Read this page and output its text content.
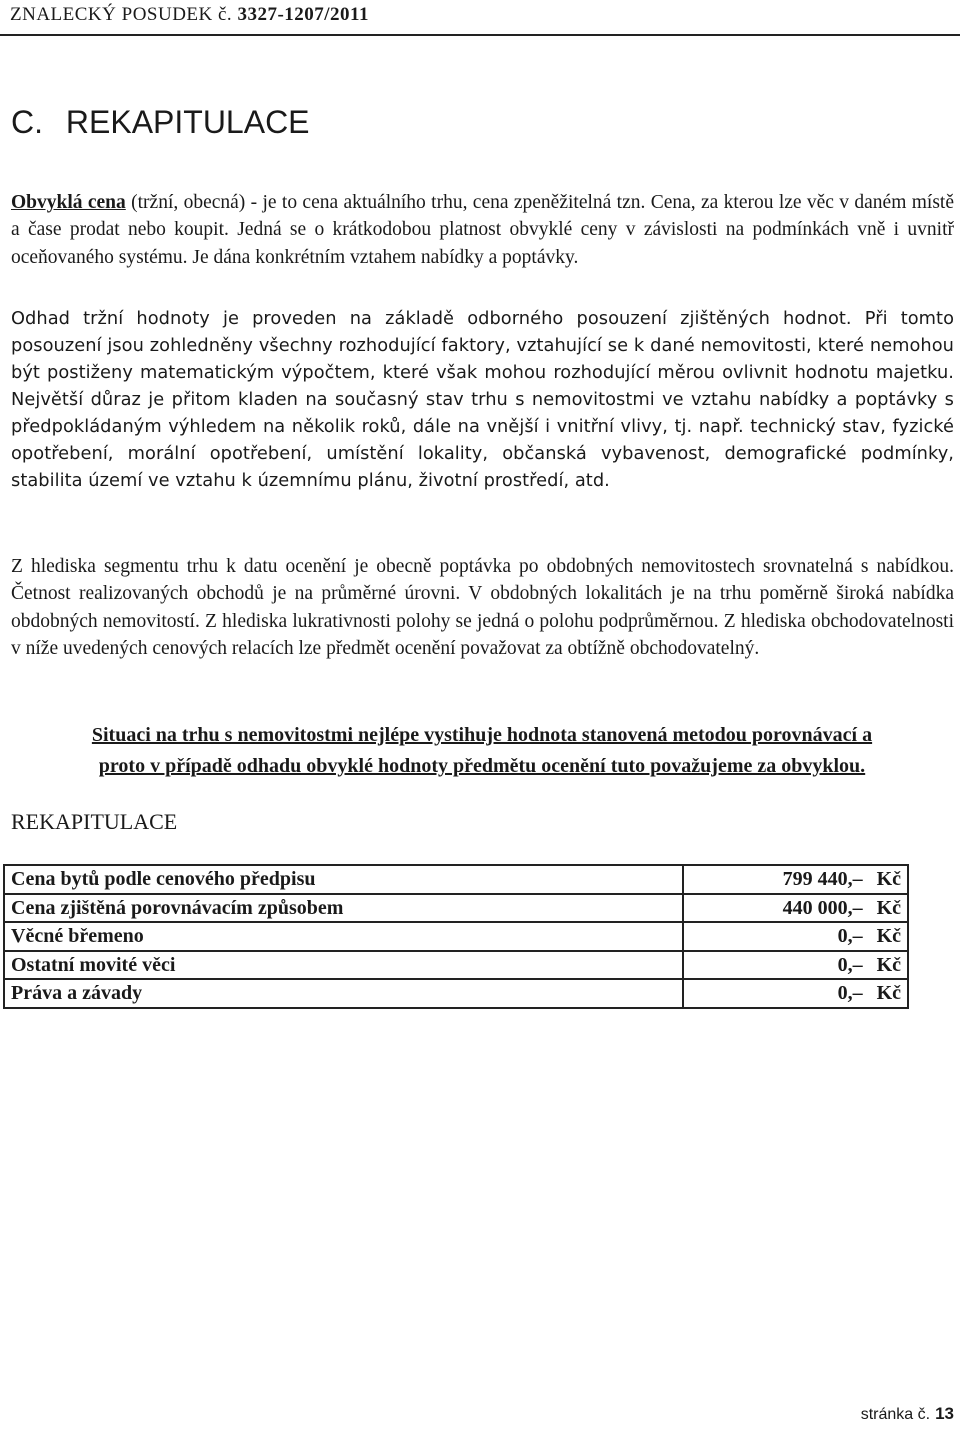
ZNALECKÝ POSUDEK č. 3327-1207/2011
C. REKAPITULACE

Obvyklá cena (tržní, obecná) - je to cena aktuálního trhu, cena zpeněžitelná tzn. Cena, za kterou lze věc v daném místě a čase prodat nebo koupit. Jedná se o krátkodobou platnost obvyklé ceny v závislosti na podmínkách vně i uvnitř oceňovaného systému. Je dána konkrétním vztahem nabídky a poptávky.

Odhad tržní hodnoty je proveden na základě odborného posouzení zjištěných hodnot. Při tomto posouzení jsou zohledněny všechny rozhodující faktory, vztahující se k dané nemovitosti, které nemohou být postiženy matematickým výpočtem, které však mohou rozhodující měrou ovlivnit hodnotu majetku. Největší důraz je přitom kladen na současný stav trhu s nemovitostmi ve vztahu nabídky a poptávky s předpokládaným výhledem na několik roků, dále na vnější i vnitřní vlivy, tj. např. technický stav, fyzické opotřebení, morální opotřebení, umístění lokality, občanská vybavenost, demografické podmínky, stabilita území ve vztahu k územnímu plánu, životní prostředí, atd.

Z hlediska segmentu trhu k datu ocenění je obecně poptávka po obdobných nemovitostech srovnatelná s nabídkou. Četnost realizovaných obchodů je na průměrné úrovni. V obdobných lokalitách je na trhu poměrně široká nabídka obdobných nemovitostí. Z hlediska lukrativnosti polohy se jedná o polohu podprůměrnou. Z hlediska obchodovatelnosti v níže uvedených cenových relacích lze předmět ocenění považovat za obtížně obchodovatelný.

Situaci na trhu s nemovitostmi nejlépe vystihuje hodnota stanovená metodou porovnávací a
proto v případě odhadu obvyklé hodnoty předmětu ocenění tuto považujeme za obvyklou.
REKAPITULACE
Cena bytů podle cenového předpisu	799 440,– Kč
Cena zjištěná porovnávacím způsobem	440 000,– Kč
Věcné břemeno	0,– Kč
Ostatní movité věci	0,– Kč
Práva a závady	0,– Kč
stránka č. 13
